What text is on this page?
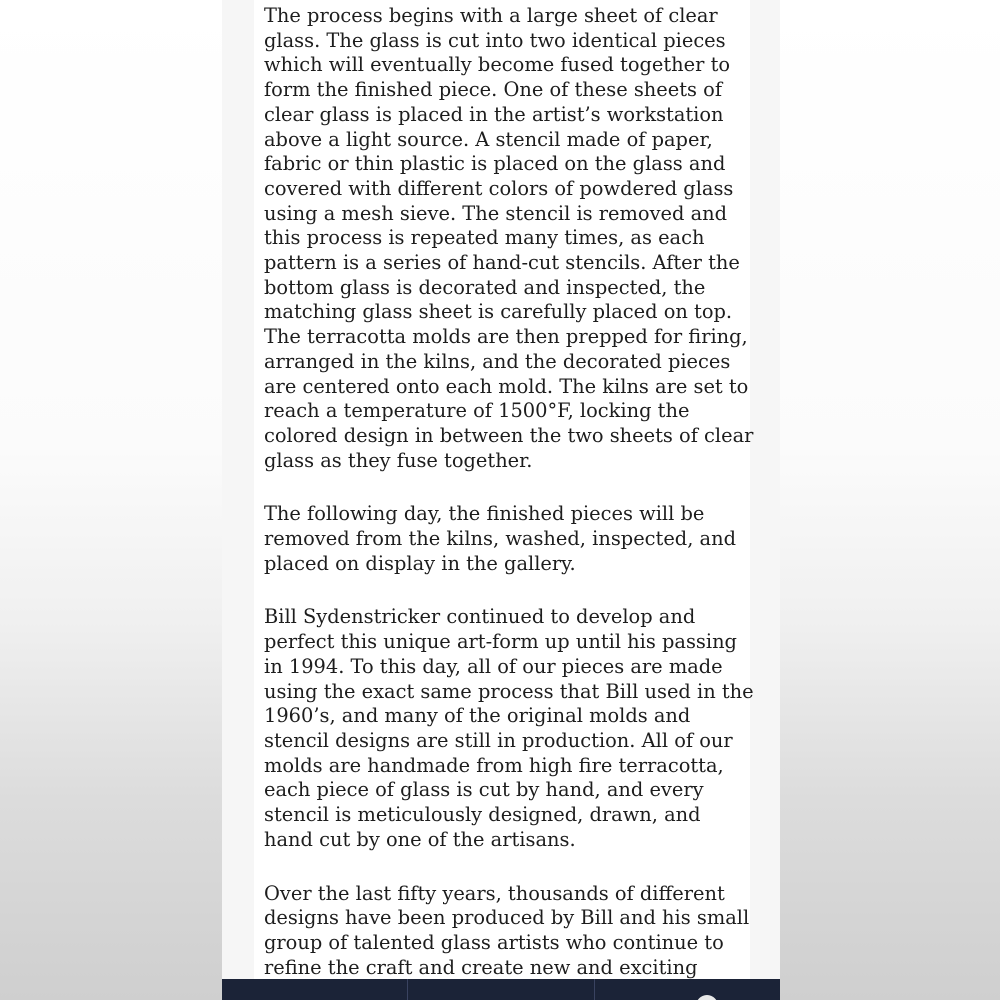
The process begins with a large sheet of clear glass. The glass is cut into two identical pieces which will eventually become fused together to form the finished piece. One of these sheets of clear glass is placed in the artist’s workstation above a light source. A stencil made of paper, fabric or thin plastic is placed on the glass and covered with different colors of powdered glass using a mesh sieve. The stencil is removed and this process is repeated many times, as each pattern is a series of hand-cut stencils. After the bottom glass is decorated and inspected, the matching glass sheet is carefully placed on top. The terracotta molds are then prepped for firing, arranged in the kilns, and the decorated pieces are centered onto each mold. The kilns are set to reach a temperature of 1500°F, locking the colored design in between the two sheets of clear glass as they fuse together.

The following day, the finished pieces will be removed from the kilns, washed, inspected, and placed on display in the gallery.

Bill Sydenstricker continued to develop and perfect this unique art-form up until his passing in 1994. To this day, all of our pieces are made using the exact same process that Bill used in the 1960’s, and many of the original molds and stencil designs are still in production. All of our molds are handmade from high fire terracotta, each piece of glass is cut by hand, and every stencil is meticulously designed, drawn, and hand cut by one of the artisans.

Over the last fifty years, thousands of different designs have been produced by Bill and his small group of talented glass artists who continue to refine the craft and create new and exciting
